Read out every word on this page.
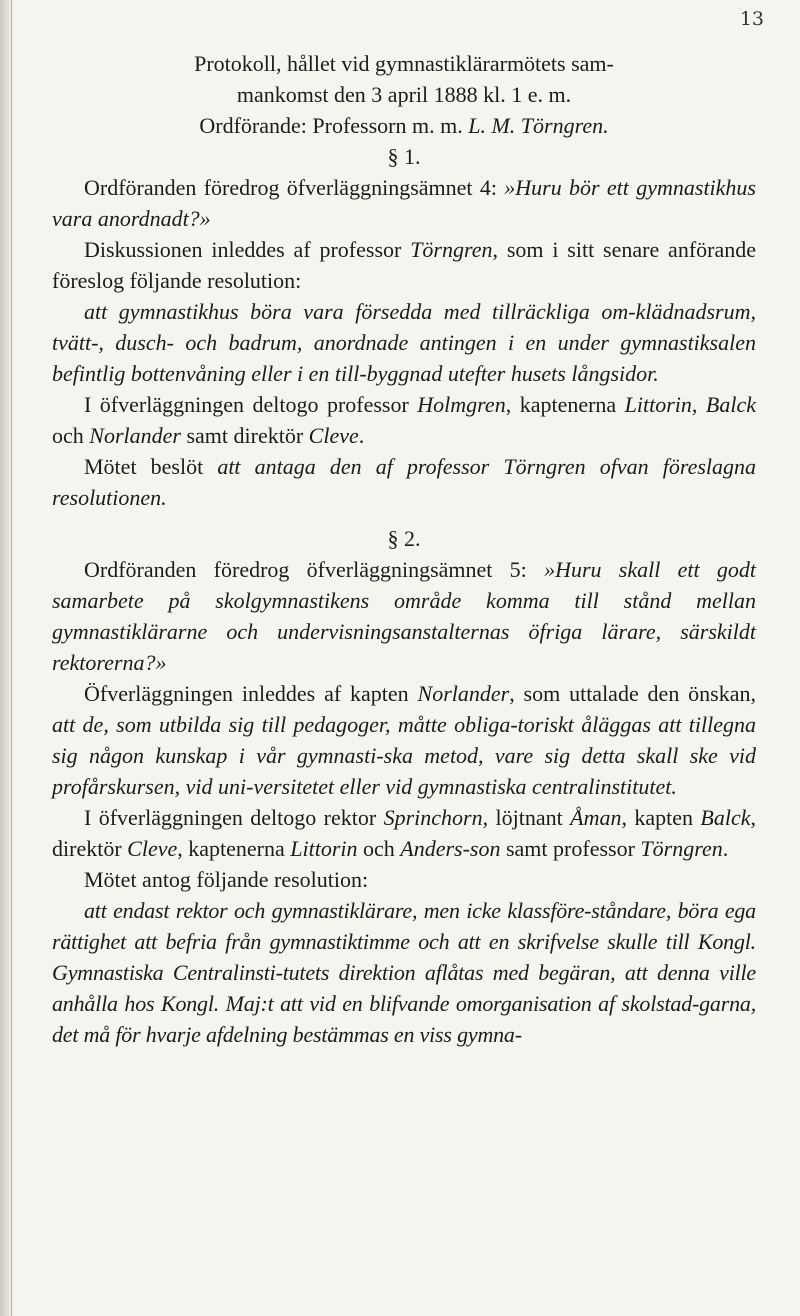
13

Protokoll, hållet vid gymnastiklärarmötets sam-
mankomst den 3 april 1888 kl. 1 e. m.

Ordförande: Professorn m. m. L. M. Törngren.

§ 1.

Ordföranden föredrog öfverläggningsämnet 4: »Huru bör ett gymnastikhus vara anordnadt?»

Diskussionen inleddes af professor Törngren, som i sitt senare anförande föreslog följande resolution:

att gymnastikhus böra vara försedda med tillräckliga om-klädnadsrum, tvätt-, dusch- och badrum, anordnade antingen i en under gymnastiksalen befintlig bottenvåning eller i en till-byggnad utefter husets långsidor.

I öfverläggningen deltogo professor Holmgren, kaptenerna Littorin, Balck och Norlander samt direktör Cleve.

Mötet beslöt att antaga den af professor Törngren ofvan föreslagna resolutionen.

§ 2.

Ordföranden föredrog öfverläggningsämnet 5: »Huru skall ett godt samarbete på skolgymnastikens område komma till stånd mellan gymnastiklärarne och undervisningsanstalternas öfriga lärare, särskildt rektorerna?»

Öfverläggningen inleddes af kapten Norlander, som uttalade den önskan, att de, som utbilda sig till pedagoger, måtte obliga-toriskt åläggas att tillegna sig någon kunskap i vår gymnasti-ska metod, vare sig detta skall ske vid profårskursen, vid uni-versitetet eller vid gymnastiska centralinstitutet.

I öfverläggningen deltogo rektor Sprinchorn, löjtnant Åman, kapten Balck, direktör Cleve, kaptenerna Littorin och Anders-son samt professor Törngren.

Mötet antog följande resolution:

att endast rektor och gymnastiklärare, men icke klassföre-ståndare, böra ega rättighet att befria från gymnastiktimme och att en skrifvelse skulle till Kongl. Gymnastiska Centralinsti-tutets direktion aflåtas med begäran, att denna ville anhålla hos Kongl. Maj:t att vid en blifvande omorganisation af skolstad-garna, det må för hvarje afdelning bestämmas en viss gymna-
